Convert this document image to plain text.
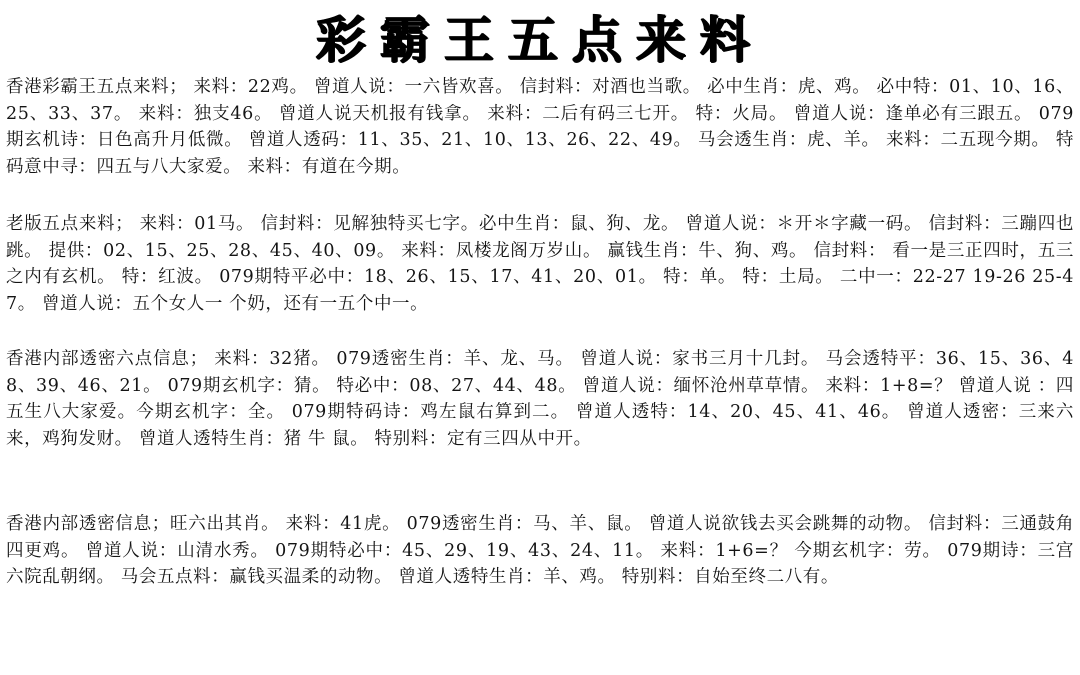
彩霸王五点来料
香港彩霸王五点来料； 来料：22鸡。 曾道人说：一六皆欢喜。 信封料：对酒也当歌。 必中生肖：虎、鸡。 必中特：01、10、16、25、33、37。 来料：独支46。 曾道人说天机报有钱拿。 来料：二后有码三七开。 特：火局。 曾道人说：逢单必有三跟五。 079期玄机诗：日色高升月低微。 曾道人透码：11、35、21、10、13、26、22、49。 马会透生肖：虎、羊。 来料：二五现今期。 特码意中寻：四五与八大家爱。 来料：有道在今期。
老版五点来料； 来料：01马。 信封料：见解独特买七字。必中生肖：鼠、狗、龙。 曾道人说：＊开＊字藏一码。 信封料：三蹦四也跳。 提供：02、15、25、28、45、40、09。 来料：凤楼龙阁万岁山。 赢钱生肖：牛、狗、鸡。 信封料： 看一是三正四时，五三之内有玄机。 特：红波。 079期特平必中：18、26、15、17、41、20、01。 特：单。 特：土局。 二中一：22-27 19-26 25-47。 曾道人说：五个女人一 个奶，还有一五个中一。
香港内部透密六点信息； 来料：32猪。 079透密生肖：羊、龙、马。 曾道人说：家书三月十几封。 马会透特平：36、15、36、48、39、46、21。 079期玄机字：猜。 特必中：08、27、44、48。 曾道人说：缅怀沧州草草情。 来料：1+8=？ 曾道人说 ：四五生八大家爱。今期玄机字：全。 079期特码诗：鸡左鼠右算到二。 曾道人透特：14、20、45、41、46。 曾道人透密：三来六来，鸡狗发财。 曾道人透特生肖：猪 牛 鼠。 特别料：定有三四从中开。
香港内部透密信息；旺六出其肖。 来料：41虎。 079透密生肖：马、羊、鼠。 曾道人说欲钱去买会跳舞的动物。 信封料：三通鼓角四更鸡。 曾道人说：山清水秀。 079期特必中：45、29、19、43、24、11。 来料：1+6=？ 今期玄机字：劳。 079期诗：三宫六院乱朝纲。 马会五点料：赢钱买温柔的动物。 曾道人透特生肖：羊、鸡。 特别料：自始至终二八有。
